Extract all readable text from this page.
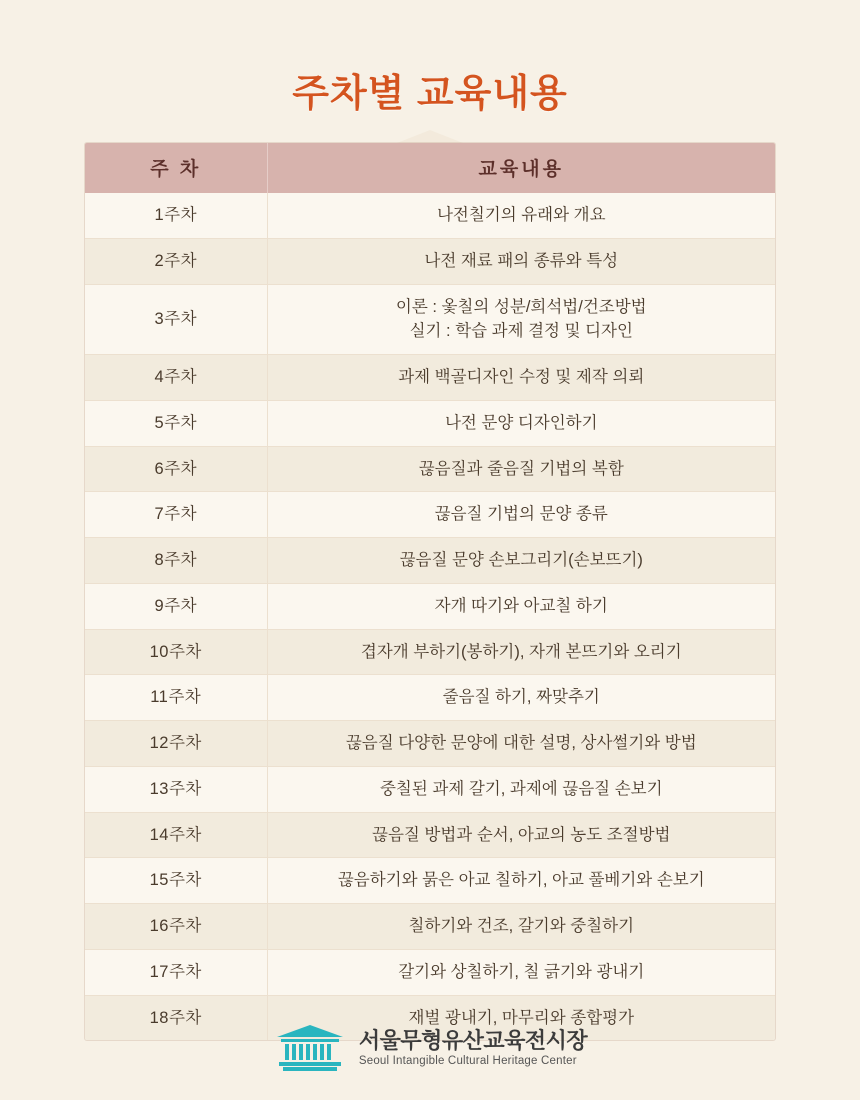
주차별 교육내용
주 차	교육내용
1주차	나전칠기의 유래와 개요

2주차	나전 재료 패의 종류와 특성

3주차	이론 : 옻칠의 성분/희석법/건조방법
실기 : 학습 과제 결정 및 디자인

4주차	과제 백골디자인 수정 및 제작 의뢰

5주차	나전 문양 디자인하기

6주차	끊음질과 줄음질 기법의 복함

7주차	끊음질 기법의 문양 종류

8주차	끊음질 문양 손보그리기(손보뜨기)

9주차	자개 따기와 아교칠 하기

10주차	겹자개 부하기(봉하기), 자개 본뜨기와 오리기

11주차	줄음질 하기, 짜맞추기

12주차	끊음질 다양한 문양에 대한 설명, 상사썰기와 방법

13주차	중칠된 과제 갈기, 과제에 끊음질 손보기

14주차	끊음질 방법과 순서, 아교의 농도 조절방법

15주차	끊음하기와 묽은 아교 칠하기, 아교 풀베기와 손보기

16주차	칠하기와 건조, 갈기와 중칠하기

17주차	갈기와 상칠하기, 칠 긁기와 광내기

18주차	재벌 광내기, 마무리와 종합평가
서울무형유산교육전시장
Seoul Intangible Cultural Heritage Center
